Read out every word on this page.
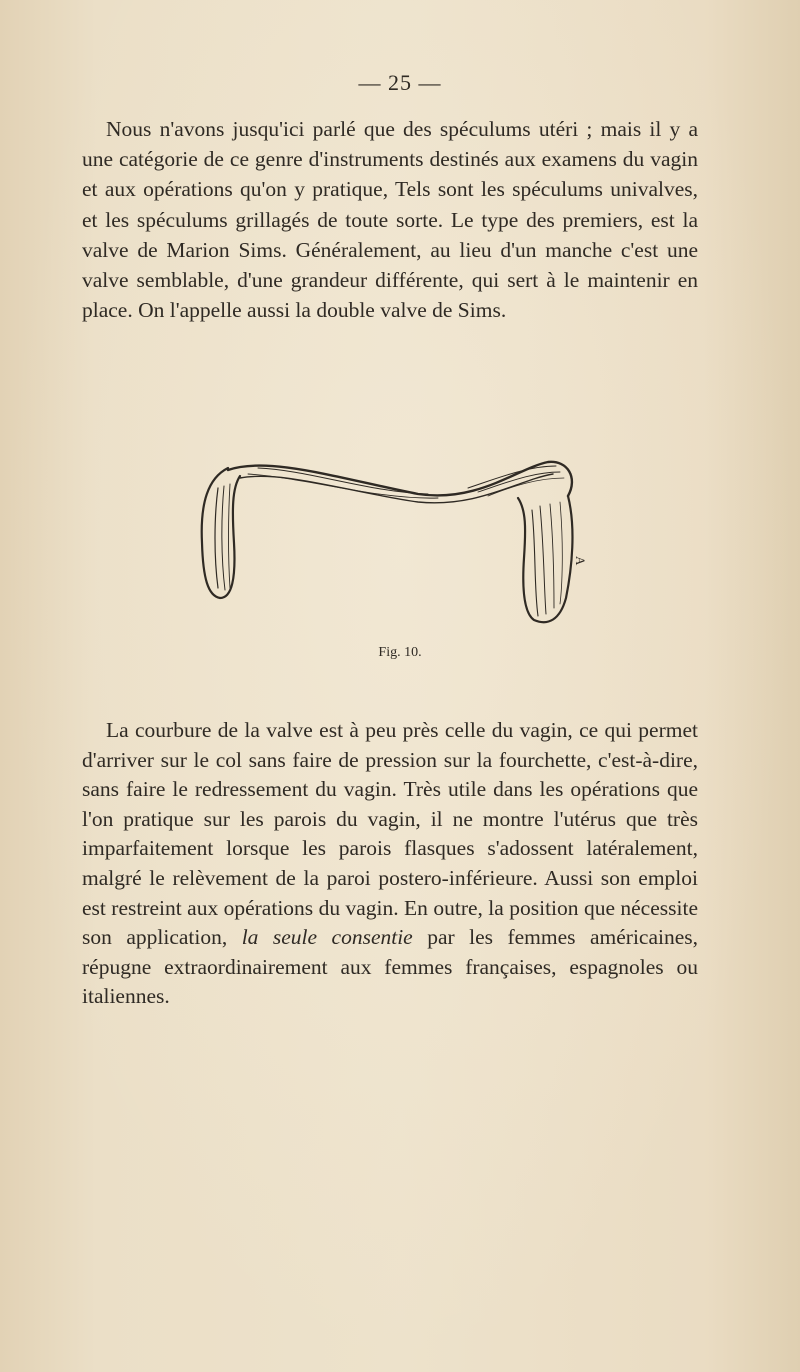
— 25 —

Nous n'avons jusqu'ici parlé que des spéculums utéri ; mais il y a une catégorie de ce genre d'instruments destinés aux examens du vagin et aux opérations qu'on y pratique, Tels sont les spéculums univalves, et les spéculums grillagés de toute sorte. Le type des premiers, est la valve de Marion Sims. Généralement, au lieu d'un manche c'est une valve semblable, d'une grandeur différente, qui sert à le maintenir en place. On l'appelle aussi la double valve de Sims.

A
Fig. 10.

La courbure de la valve est à peu près celle du vagin, ce qui permet d'arriver sur le col sans faire de pression sur la fourchette, c'est-à-dire, sans faire le redressement du vagin. Très utile dans les opérations que l'on pratique sur les parois du vagin, il ne montre l'utérus que très imparfaitement lorsque les parois flasques s'adossent latéralement, malgré le relèvement de la paroi postero-inférieure. Aussi son emploi est restreint aux opérations du vagin. En outre, la position que nécessite son application, la seule consentie par les femmes américaines, répugne extraordinairement aux femmes françaises, espagnoles ou italiennes.
